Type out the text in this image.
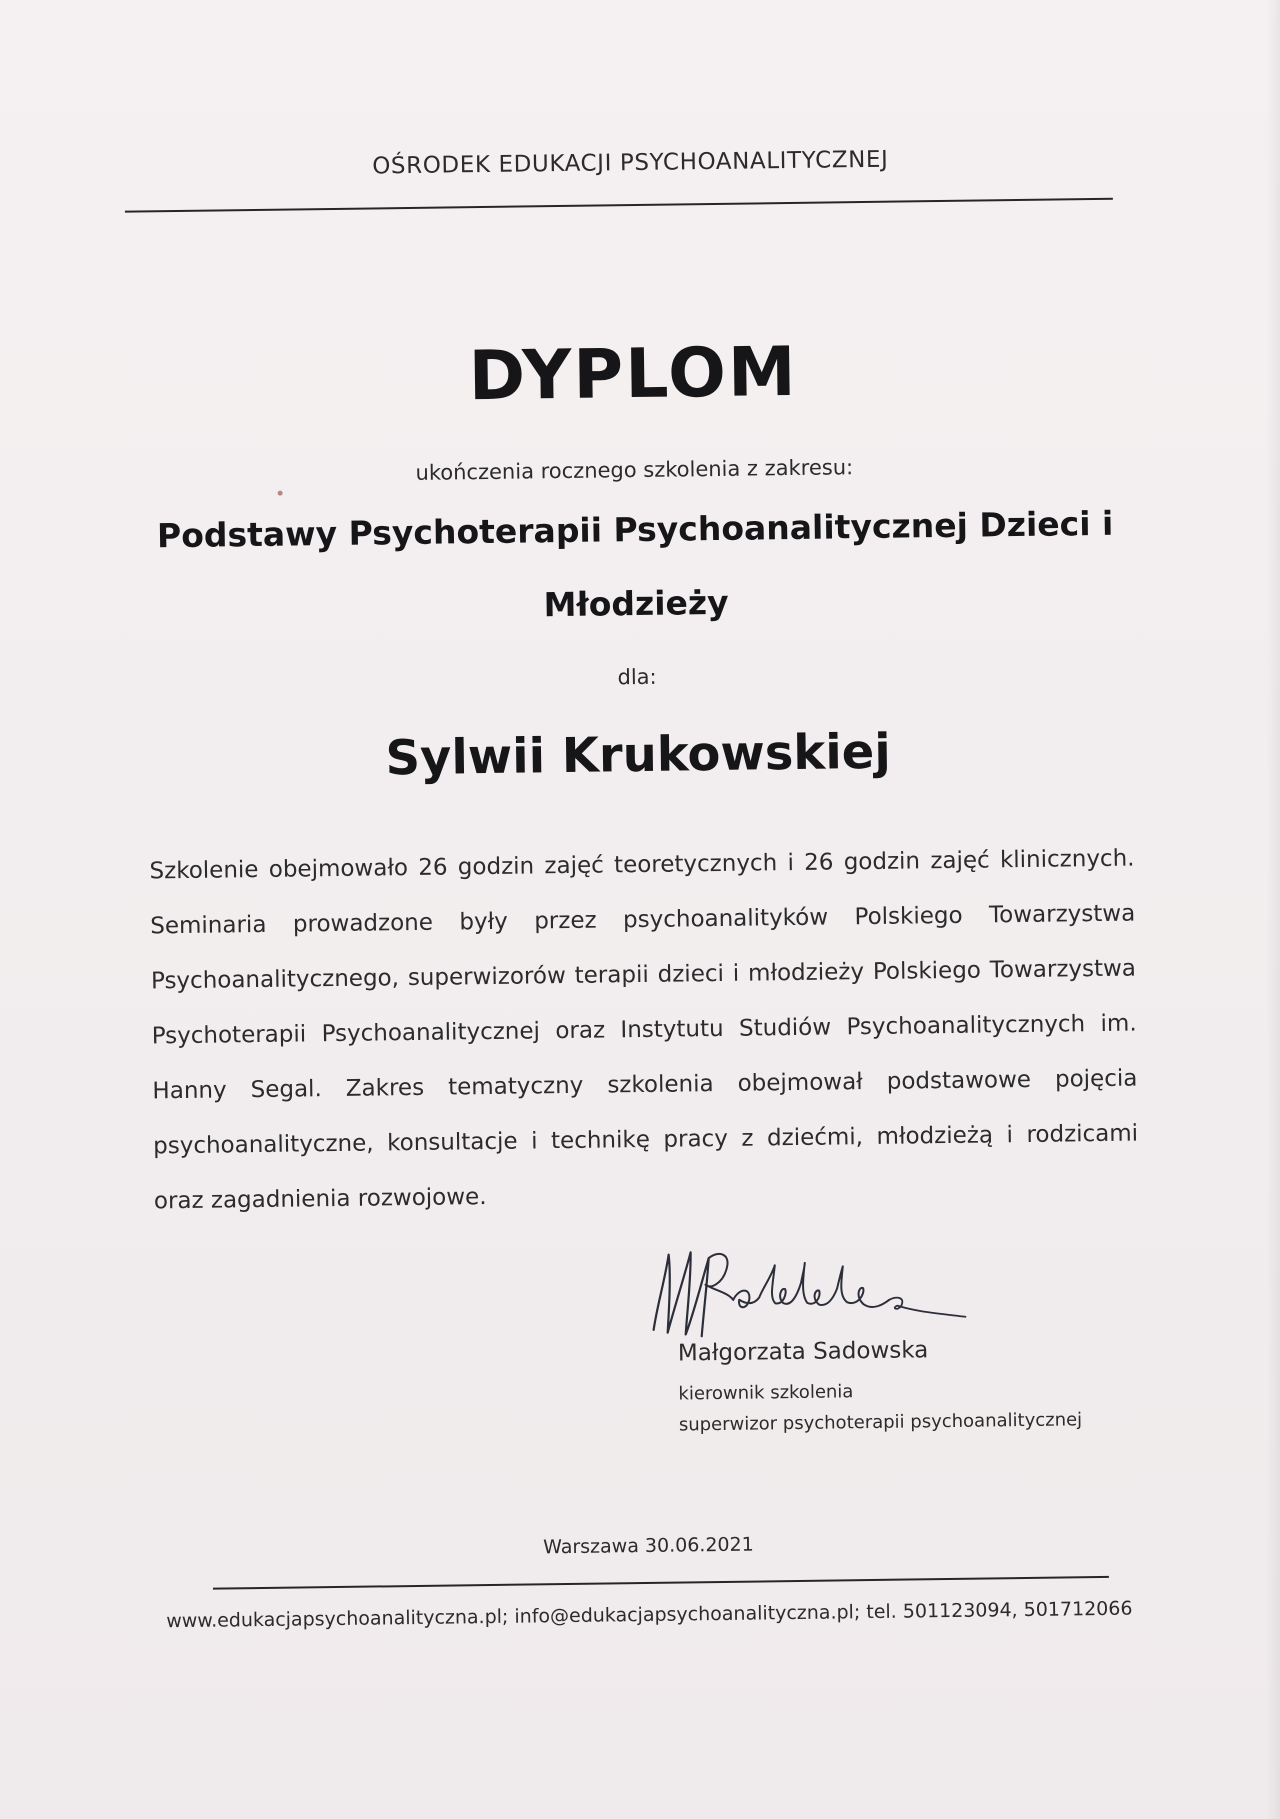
OŚRODEK EDUKACJI PSYCHOANALITYCZNEJ
DYPLOM
ukończenia rocznego szkolenia z zakresu:
Podstawy Psychoterapii Psychoanalitycznej Dzieci i
Młodzieży
dla:
Sylwii Krukowskiej
Szkolenie obejmowało 26 godzin zajęć teoretycznych i 26 godzin zajęć klinicznych. Seminaria prowadzone były przez psychoanalityków Polskiego Towarzystwa Psychoanalitycznego, superwizorów terapii dzieci i młodzieży Polskiego Towarzystwa Psychoterapii Psychoanalitycznej oraz Instytutu Studiów Psychoanalitycznych im. Hanny Segal. Zakres tematyczny szkolenia obejmował podstawowe pojęcia psychoanalityczne, konsultacje i technikę pracy z dziećmi, młodzieżą i rodzicami oraz zagadnienia rozwojowe.
Małgorzata Sadowska
kierownik szkolenia
superwizor psychoterapii psychoanalitycznej
Warszawa 30.06.2021
www.edukacjapsychoanalityczna.pl; info@edukacjapsychoanalityczna.pl; tel. 501123094, 501712066
